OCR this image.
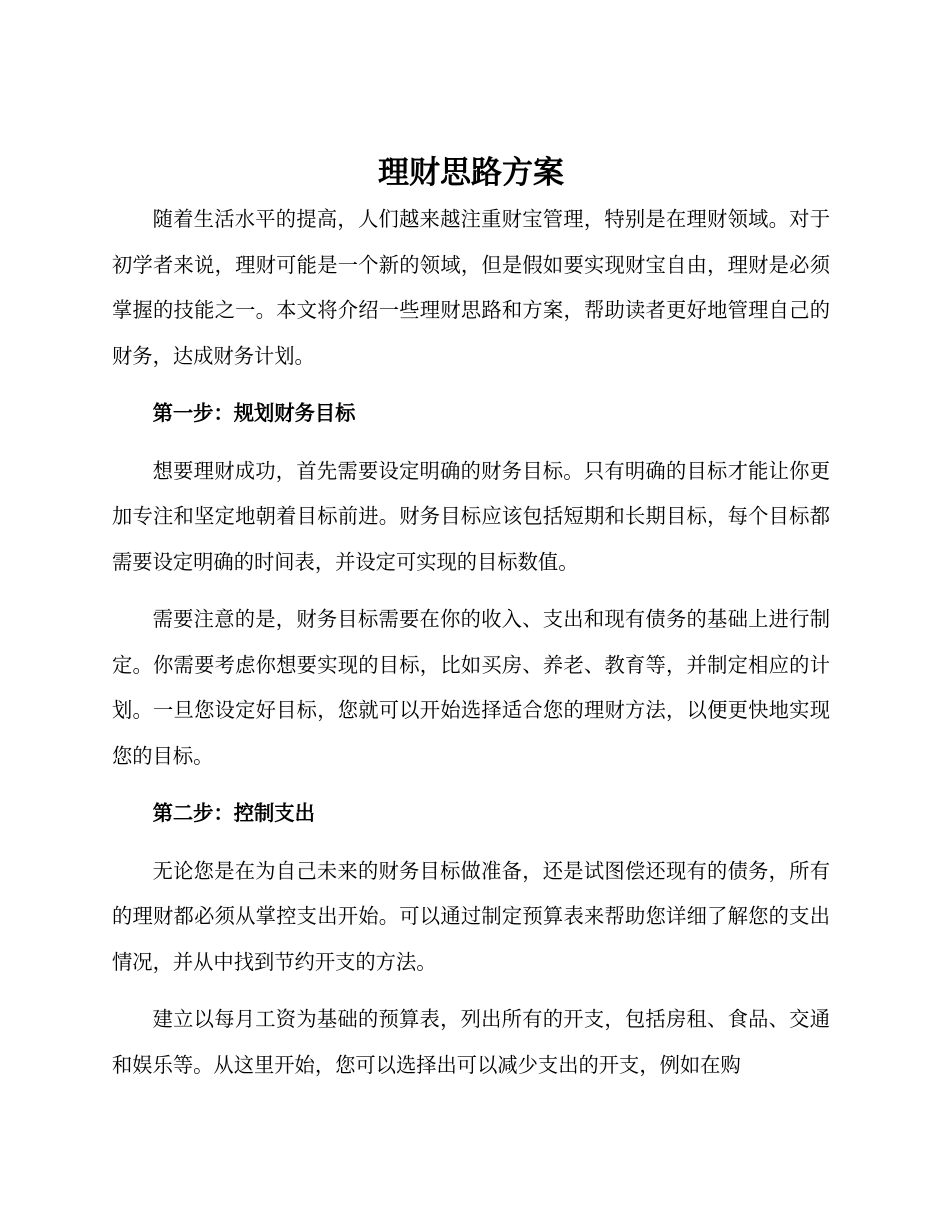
理财思路方案

随着生活水平的提高，人们越来越注重财宝管理，特别是在理财领域。对于初学者来说，理财可能是一个新的领域，但是假如要实现财宝自由，理财是必须掌握的技能之一。本文将介绍一些理财思路和方案，帮助读者更好地管理自己的财务，达成财务计划。

第一步：规划财务目标

想要理财成功，首先需要设定明确的财务目标。只有明确的目标才能让你更加专注和坚定地朝着目标前进。财务目标应该包括短期和长期目标，每个目标都需要设定明确的时间表，并设定可实现的目标数值。

需要注意的是，财务目标需要在你的收入、支出和现有债务的基础上进行制定。你需要考虑你想要实现的目标，比如买房、养老、教育等，并制定相应的计划。一旦您设定好目标，您就可以开始选择适合您的理财方法，以便更快地实现您的目标。

第二步：控制支出

无论您是在为自己未来的财务目标做准备，还是试图偿还现有的债务，所有的理财都必须从掌控支出开始。可以通过制定预算表来帮助您详细了解您的支出情况，并从中找到节约开支的方法。

建立以每月工资为基础的预算表，列出所有的开支，包括房租、食品、交通和娱乐等。从这里开始，您可以选择出可以减少支出的开支，例如在购
